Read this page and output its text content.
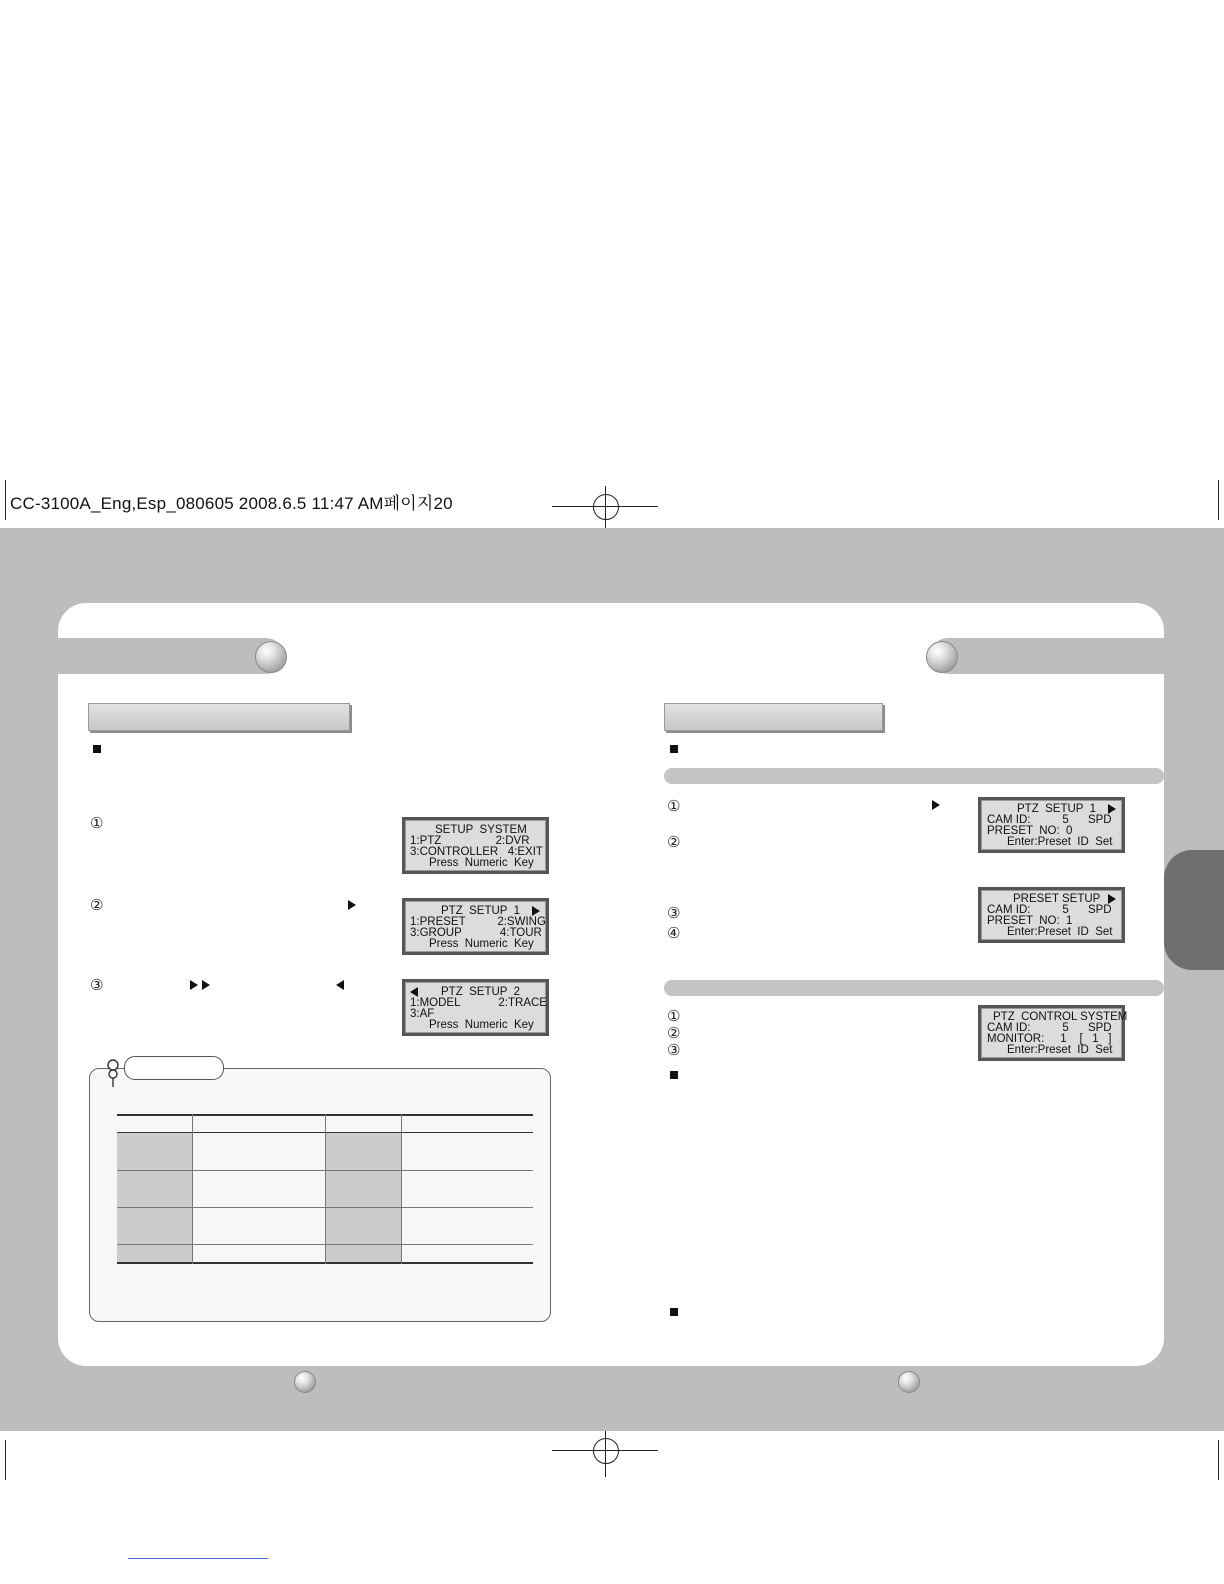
CC-3100A_Eng,Esp_080605 2008.6.5 11:47 AM페이지20
①
②
③
SETUP  SYSTEM
1:PTZ                 2:DVR
3:CONTROLLER   4:EXIT
Press  Numeric  Key
PTZ  SETUP  1
1:PRESET          2:SWING
3:GROUP            4:TOUR
Press  Numeric  Key
PTZ  SETUP  2
1:MODEL            2:TRACE
3:AF
Press  Numeric  Key
①
②
③
④
PTZ  SETUP  1
CAM ID:          5      SPD
PRESET  NO:  0
Enter:Preset  ID  Set
PRESET SETUP
CAM ID:          5      SPD
PRESET  NO:  1
Enter:Preset  ID  Set
①
②
③
PTZ  CONTROL SYSTEM
CAM ID:          5      SPD
MONITOR:     1    [   1   ]
Enter:Preset  ID  Set
